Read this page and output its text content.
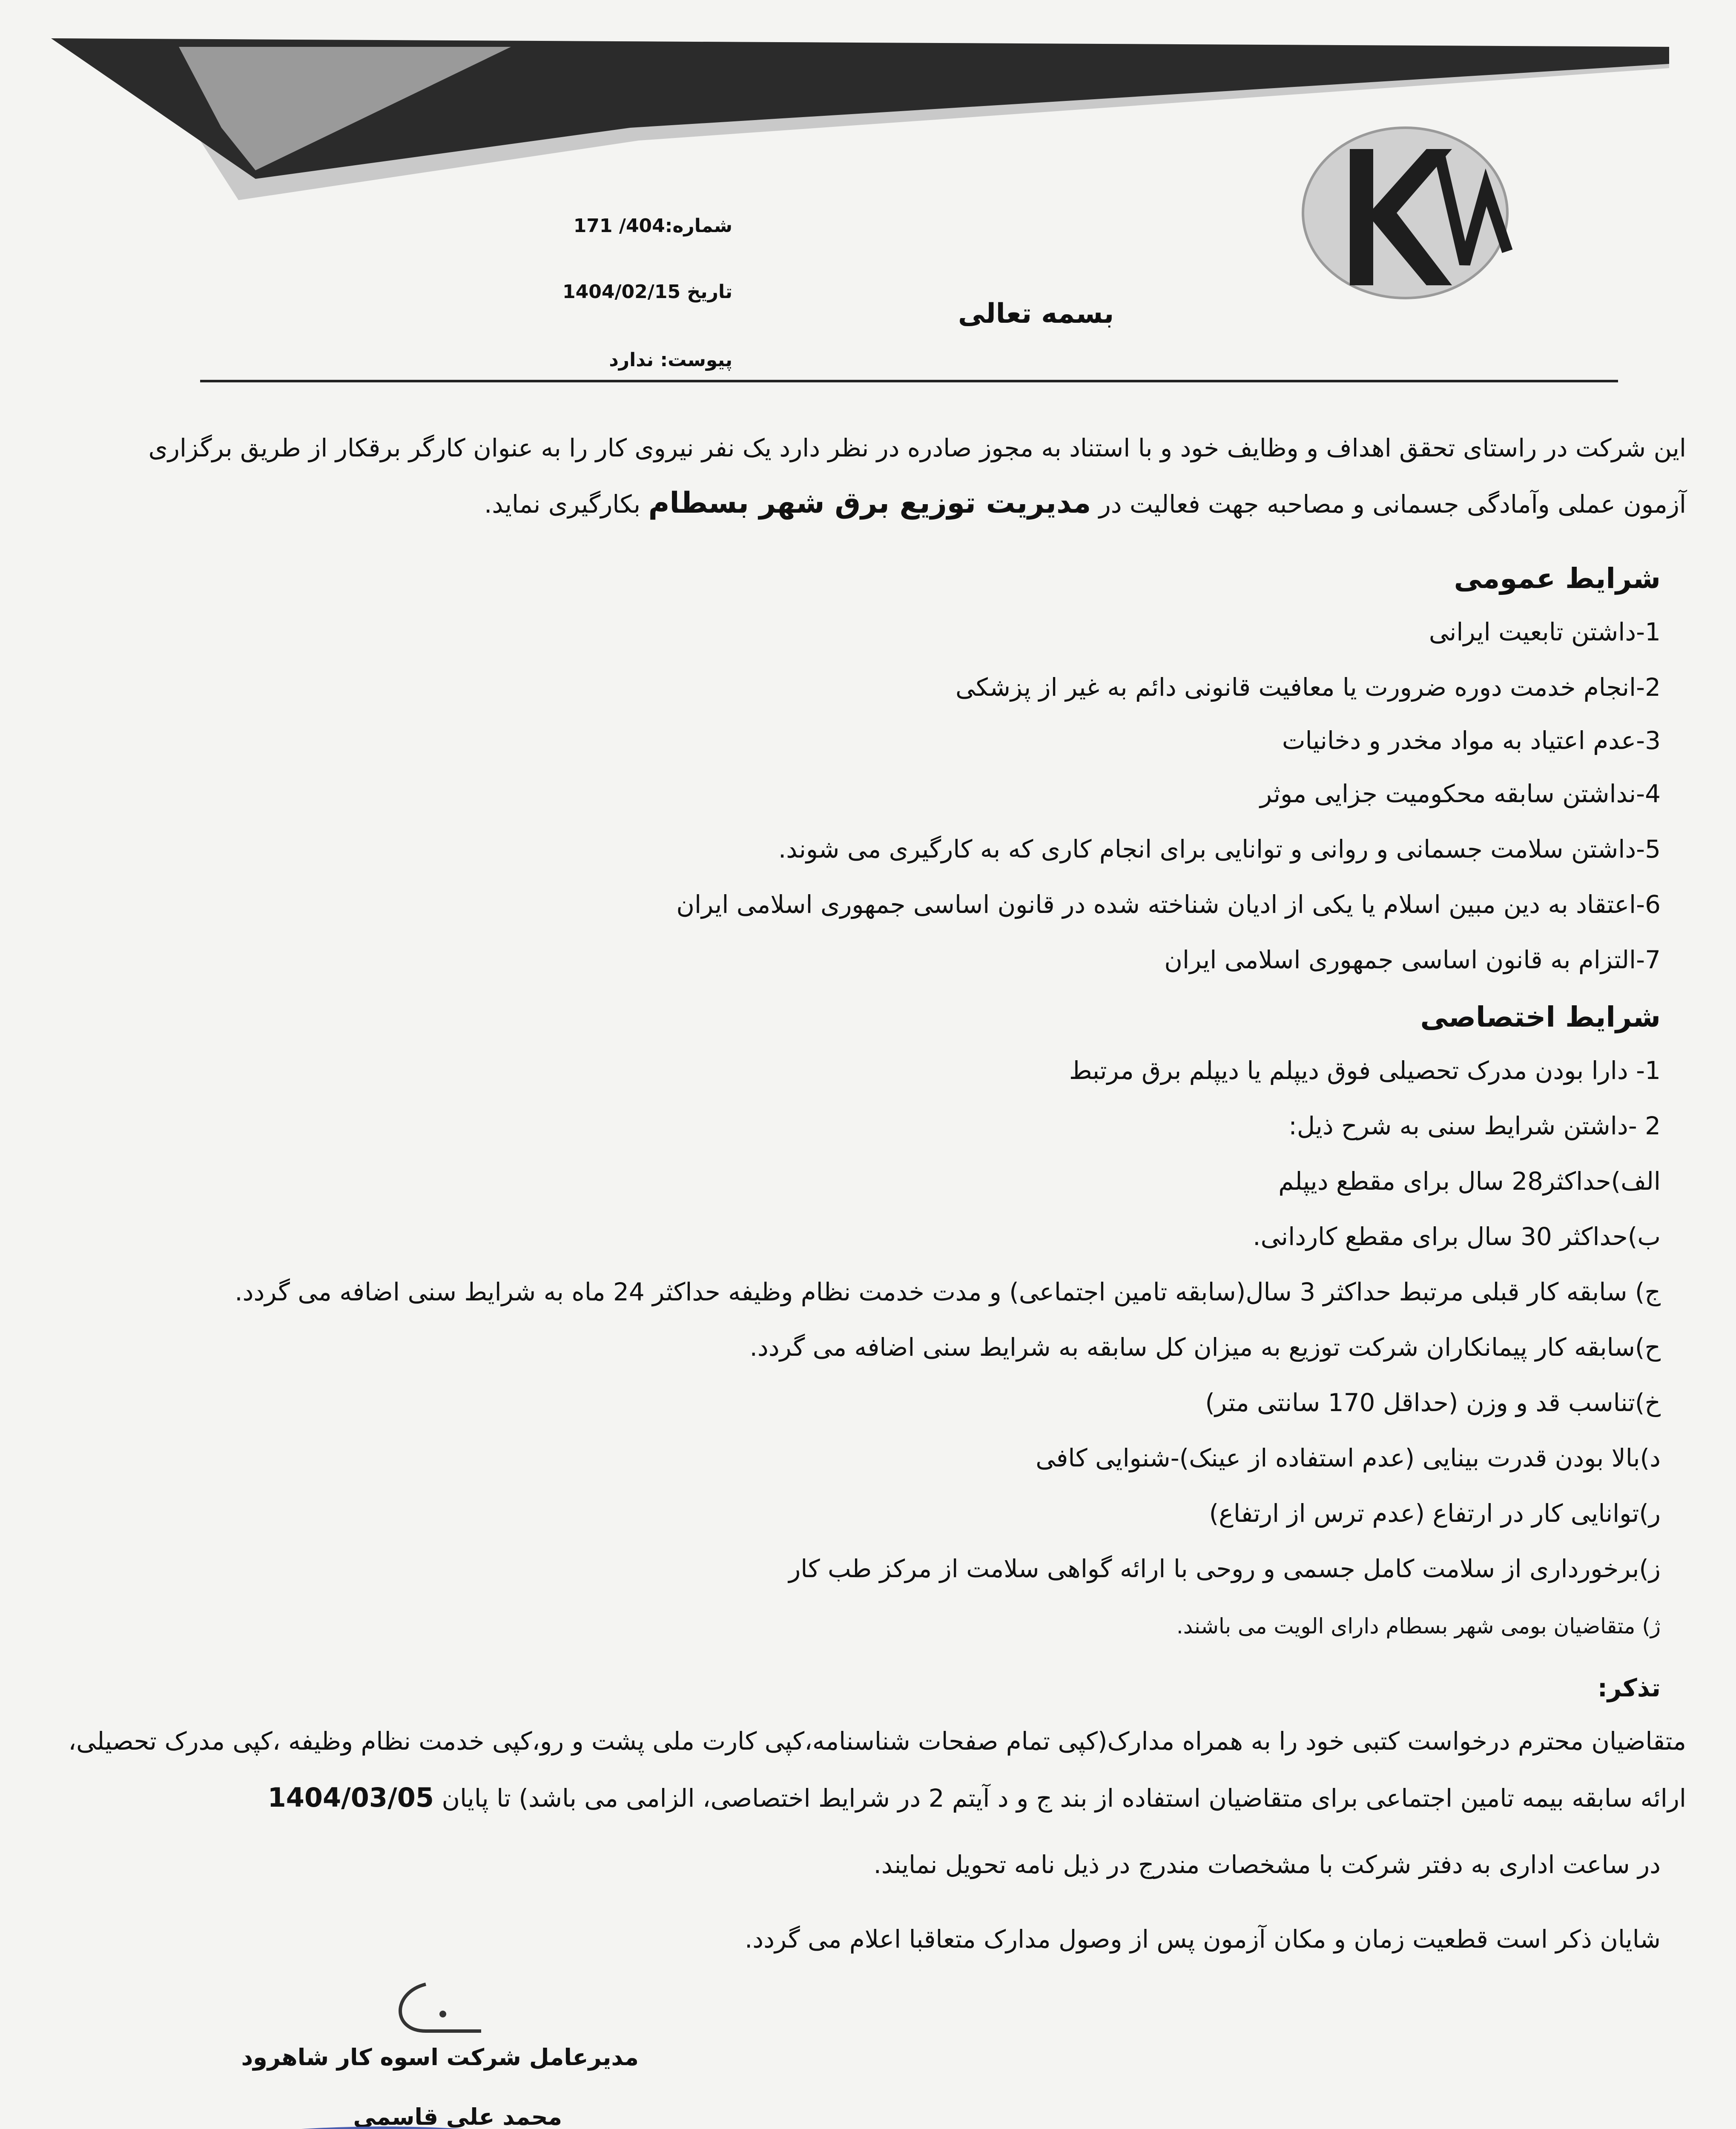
شماره:404/ 171
تاریخ 1404/02/15
پیوست: ندارد
بسمه تعالی
این شرکت در راستای تحقق اهداف و وظایف خود و با استناد به مجوز صادره در نظر دارد یک نفر نیروی کار را به عنوان کارگر برقکار از طریق برگزاری
آزمون عملی وآمادگی جسمانی و مصاحبه جهت فعالیت در مدیریت توزیع برق شهر بسطام بکارگیری نماید.
شرایط عمومی
1-داشتن تابعیت ایرانی
2-انجام خدمت دوره ضرورت یا معافیت قانونی دائم به غیر از پزشکی
3-عدم اعتیاد به مواد مخدر و دخانیات
4-نداشتن سابقه محکومیت جزایی موثر
5-داشتن سلامت جسمانی و روانی و توانایی برای انجام کاری که به کارگیری می شوند.
6-اعتقاد به دین مبین اسلام یا یکی از ادیان شناخته شده در قانون اساسی جمهوری اسلامی ایران
7-التزام به قانون اساسی جمهوری اسلامی ایران
شرایط اختصاصی
1- دارا بودن مدرک تحصیلی فوق دیپلم یا دیپلم برق مرتبط
2 -داشتن شرایط سنی به شرح ذیل:
الف)حداکثر28 سال برای مقطع دیپلم
ب)حداکثر 30 سال برای مقطع کاردانی.
ج) سابقه کار قبلی مرتبط حداکثر 3 سال(سابقه تامین اجتماعی) و مدت خدمت نظام وظیفه حداکثر 24 ماه به شرایط سنی اضافه می گردد.
ح)سابقه کار پیمانکاران شرکت توزیع به میزان کل سابقه به شرایط سنی اضافه می گردد.
خ)تناسب قد و وزن (حداقل 170 سانتی متر)
د)بالا بودن قدرت بینایی (عدم استفاده از عینک)-شنوایی کافی
ر)توانایی کار در ارتفاع (عدم ترس از ارتفاع)
ز)برخورداری از سلامت کامل جسمی و روحی با ارائه گواهی سلامت از مرکز طب کار
ژ) متقاضیان بومی شهر بسطام دارای الویت می باشند.
تذکر:
متقاضیان محترم درخواست کتبی خود را به همراه مدارک(کپی تمام صفحات شناسنامه،کپی کارت ملی پشت و رو،کپی خدمت نظام وظیفه ،کپی مدرک تحصیلی،
ارائه سابقه بیمه تامین اجتماعی برای متقاضیان استفاده از بند ج و د آیتم 2 در شرایط اختصاصی، الزامی می باشد) تا پایان 1404/03/05
در ساعت اداری به دفتر شرکت با مشخصات مندرج در ذیل نامه تحویل نمایند.
شایان ذکر است قطعیت زمان و مکان آزمون پس از وصول مدارک متعاقبا اعلام می گردد.
مدیرعامل شرکت اسوه کار شاهرود
محمد علی قاسمی
